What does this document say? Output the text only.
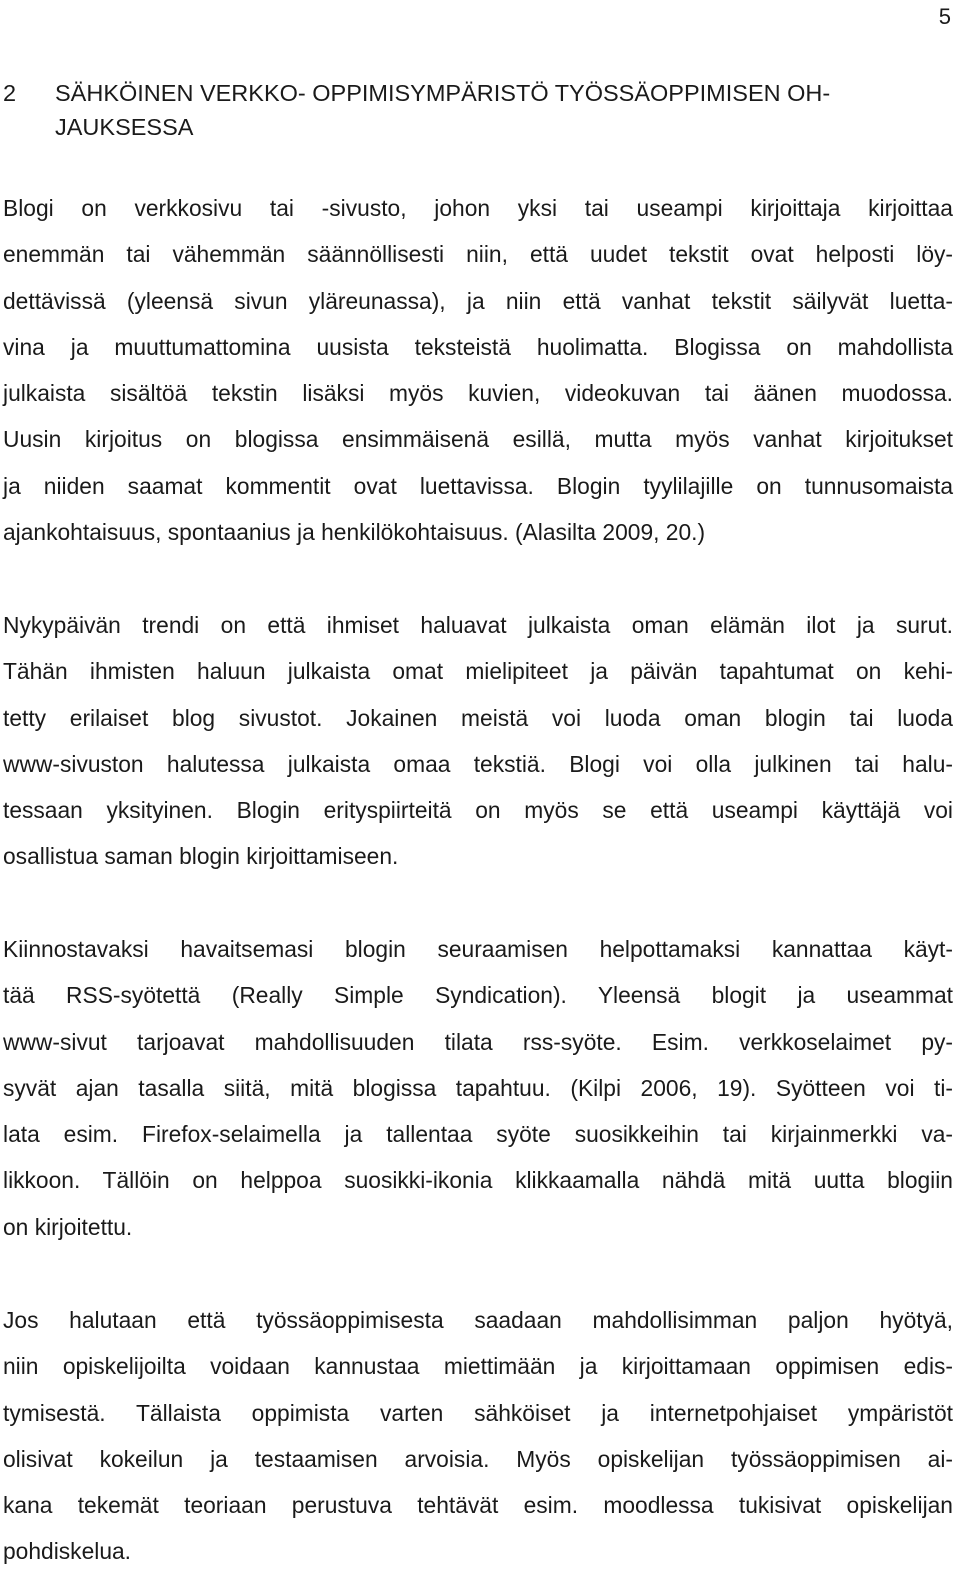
5
2 SÄHKÖINEN VERKKO- OPPIMISYMPÄRISTÖ TYÖSSÄOPPIMISEN OH-
JAUKSESSA

Blogi on verkkosivu tai -sivusto, johon yksi tai useampi kirjoittaja kirjoittaa
enemmän tai vähemmän säännöllisesti niin, että uudet tekstit ovat helposti löy-
dettävissä (yleensä sivun yläreunassa), ja niin että vanhat tekstit säilyvät luetta-
vina ja muuttumattomina uusista teksteistä huolimatta. Blogissa on mahdollista
julkaista sisältöä tekstin lisäksi myös kuvien, videokuvan tai äänen muodossa.
Uusin kirjoitus on blogissa ensimmäisenä esillä, mutta myös vanhat kirjoitukset
ja niiden saamat kommentit ovat luettavissa. Blogin tyylilajille on tunnusomaista
ajankohtaisuus, spontaanius ja henkilökohtaisuus. (Alasilta 2009, 20.)

Nykypäivän trendi on että ihmiset haluavat julkaista oman elämän ilot ja surut.
Tähän ihmisten haluun julkaista omat mielipiteet ja päivän tapahtumat on kehi-
tetty erilaiset blog sivustot. Jokainen meistä voi luoda oman blogin tai luoda
www-sivuston halutessa julkaista omaa tekstiä. Blogi voi olla julkinen tai halu-
tessaan yksityinen. Blogin erityspiirteitä on myös se että useampi käyttäjä voi
osallistua saman blogin kirjoittamiseen.

Kiinnostavaksi havaitsemasi blogin seuraamisen helpottamaksi kannattaa käyt-
tää RSS-syötettä (Really Simple Syndication). Yleensä blogit ja useammat
www-sivut tarjoavat mahdollisuuden tilata rss-syöte. Esim. verkkoselaimet py-
syvät ajan tasalla siitä, mitä blogissa tapahtuu. (Kilpi 2006, 19). Syötteen voi ti-
lata esim. Firefox-selaimella ja tallentaa syöte suosikkeihin tai kirjainmerkki va-
likkoon. Tällöin on helppoa suosikki-ikonia klikkaamalla nähdä mitä uutta blogiin
on kirjoitettu.

Jos halutaan että työssäoppimisesta saadaan mahdollisimman paljon hyötyä,
niin opiskelijoilta voidaan kannustaa miettimään ja kirjoittamaan oppimisen edis-
tymisestä. Tällaista oppimista varten sähköiset ja internetpohjaiset ympäristöt
olisivat kokeilun ja testaamisen arvoisia. Myös opiskelijan työssäoppimisen ai-
kana tekemät teoriaan perustuva tehtävät esim. moodlessa tukisivat opiskelijan
pohdiskelua.
